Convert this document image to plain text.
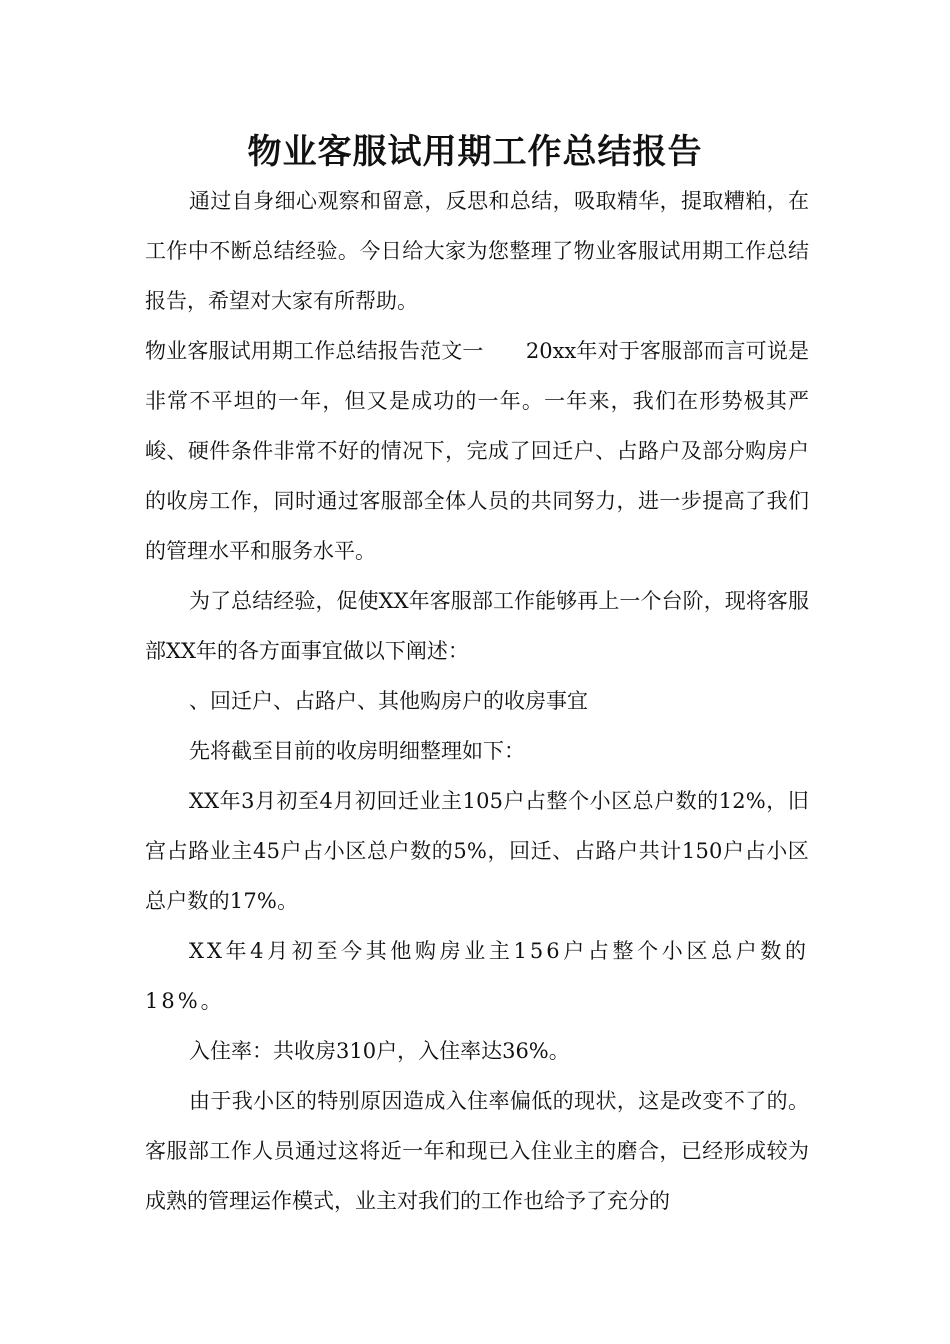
物业客服试用期工作总结报告

通过自身细心观察和留意，反思和总结，吸取精华，提取糟粕，在工作中不断总结经验。今日给大家为您整理了物业客服试用期工作总结报告，希望对大家有所帮助。

物业客服试用期工作总结报告范文一　　20xx年对于客服部而言可说是非常不平坦的一年，但又是成功的一年。一年来，我们在形势极其严峻、硬件条件非常不好的情况下，完成了回迁户、占路户及部分购房户的收房工作，同时通过客服部全体人员的共同努力，进一步提高了我们的管理水平和服务水平。

为了总结经验，促使XX年客服部工作能够再上一个台阶，现将客服部XX年的各方面事宜做以下阐述：

、回迁户、占路户、其他购房户的收房事宜

先将截至目前的收房明细整理如下：

XX年3月初至4月初回迁业主105户占整个小区总户数的12%，旧宫占路业主45户占小区总户数的5%，回迁、占路户共计150户占小区总户数的17%。

XX年4月初至今其他购房业主156户占整个小区总户数的18%。

入住率：共收房310户，入住率达36%。

由于我小区的特别原因造成入住率偏低的现状，这是改变不了的。客服部工作人员通过这将近一年和现已入住业主的磨合，已经形成较为成熟的管理运作模式，业主对我们的工作也给予了充分的
